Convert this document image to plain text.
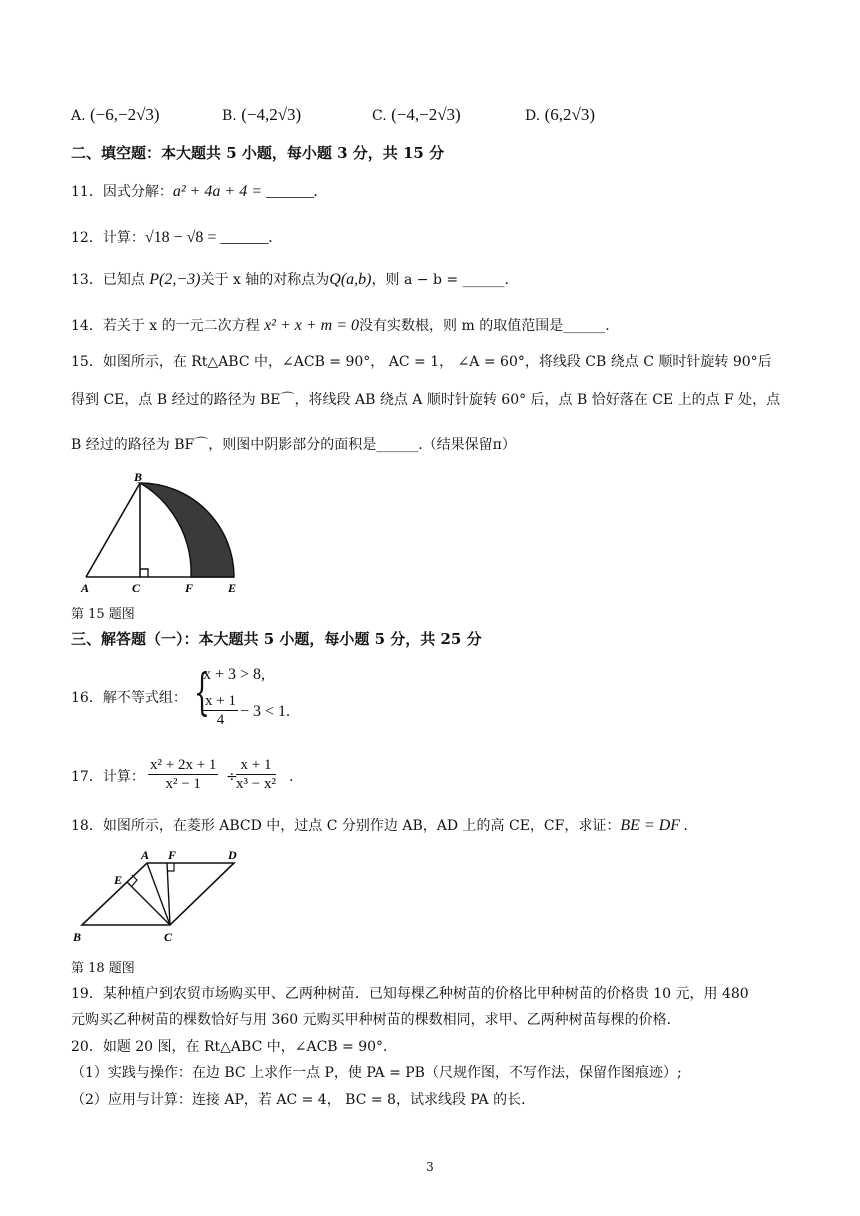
A. (−6,−2√3)	B. (−4,2√3)	C. (−4,−2√3)	D. (6,2√3)
二、填空题：本大题共 5 小题，每小题 3 分，共 15 分
11．因式分解：a² + 4a + 4 = ______.
12．计算：√18 − √8 = ______.
13．已知点 P(2,−3)关于 x 轴的对称点为Q(a,b)，则 a − b = ______.
14．若关于 x 的一元二次方程 x² + x + m = 0没有实数根，则 m 的取值范围是______.
15．如图所示，在 Rt△ABC 中，∠ACB = 90°， AC = 1， ∠A = 60°，将线段 CB 绕点 C 顺时针旋转 90°后
得到 CE，点 B 经过的路径为 BE⌒，将线段 AB 绕点 A 顺时针旋转 60° 后，点 B 恰好落在 CE 上的点 F 处，点
B 经过的路径为 BF⌒，则图中阴影部分的面积是______.（结果保留π）
B
A	C	F	E
第 15 题图
三、解答题（一）：本大题共 5 小题，每小题 5 分，共 25 分
16．解不等式组： {
x + 3 > 8,
$\frac{x + 1}{4} - 3 < 1$.
17．计算： $\frac{\text{x² + 2x + 1}}{\text{x² − 1}}$ ÷
$\frac{x + 1}{\text{x³ − x²}}$ .
18．如图所示，在菱形 ABCD 中，过点 C 分别作边 AB，AD 上的高 CE，CF，求证：BE = DF .
A F	D
E
B	C
第 18 题图
19．某种植户到农贸市场购买甲、乙两种树苗．已知每棵乙种树苗的价格比甲种树苗的价格贵 10 元，用 480
元购买乙种树苗的棵数恰好与用 360 元购买甲种树苗的棵数相同，求甲、乙两种树苗每棵的价格．
20．如题 20 图，在 Rt△ABC 中，∠ACB = 90°．
（1）实践与操作：在边 BC 上求作一点 P，使 PA = PB（尺规作图，不写作法，保留作图痕迹）;
（2）应用与计算：连接 AP，若 AC = 4， BC = 8，试求线段 PA 的长．
3
